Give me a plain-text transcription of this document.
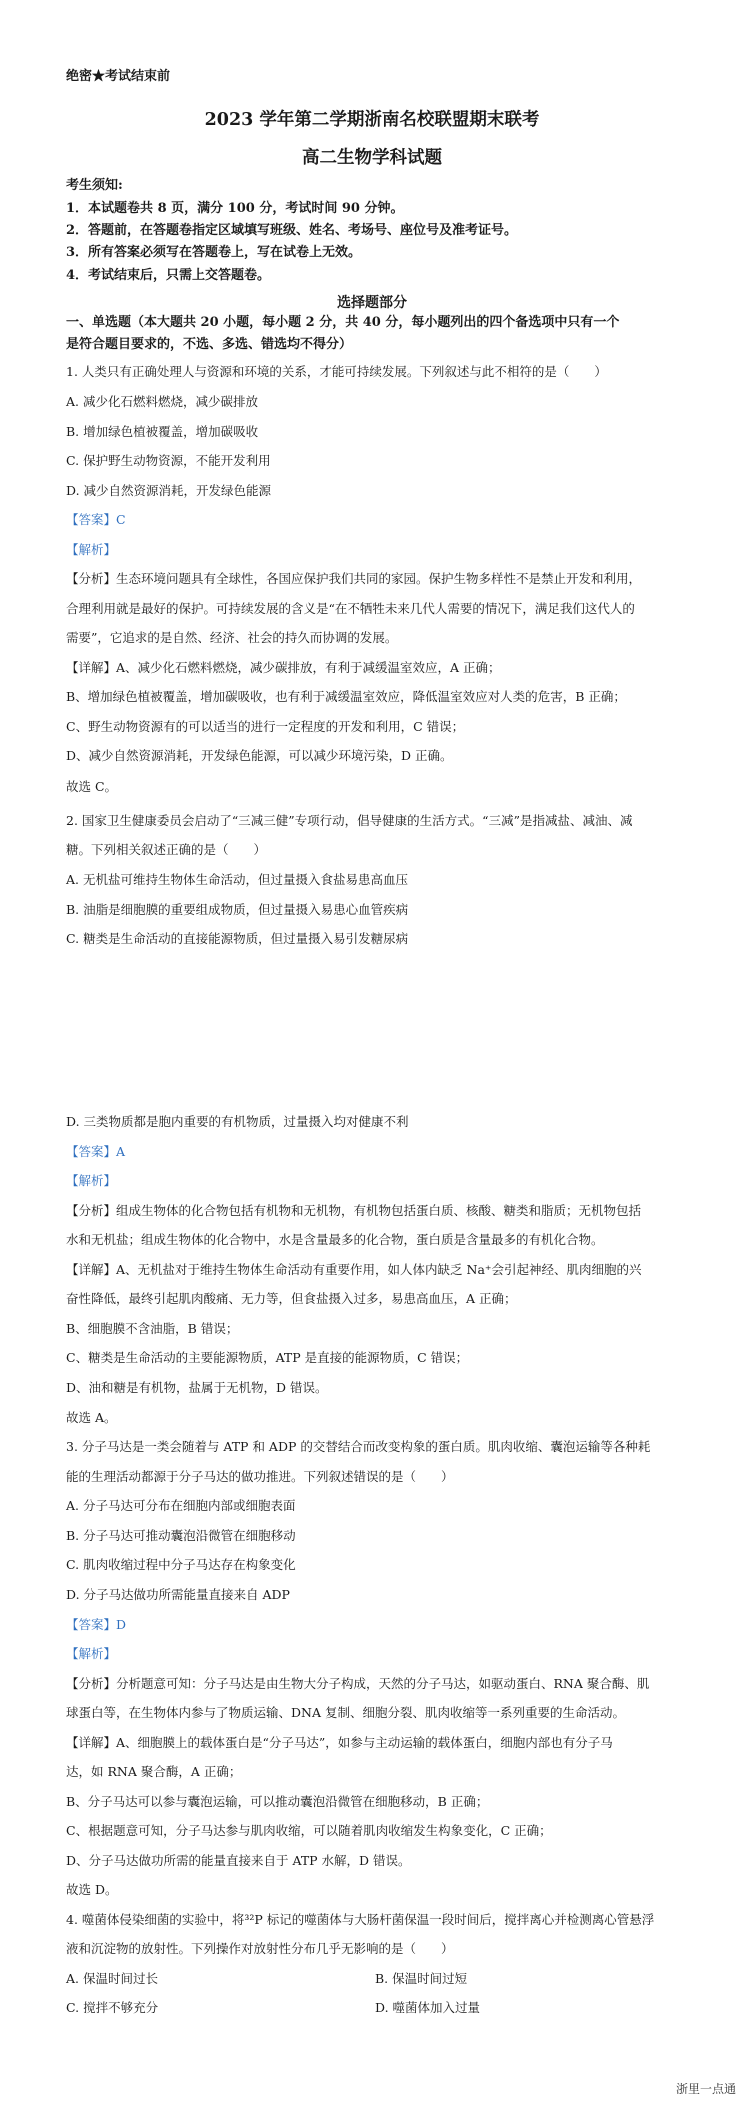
绝密★考试结束前
2023 学年第二学期浙南名校联盟期末联考
高二生物学科试题
考生须知:
1．本试题卷共 8 页，满分 100 分，考试时间 90 分钟。
2．答题前，在答题卷指定区域填写班级、姓名、考场号、座位号及准考证号。
3．所有答案必须写在答题卷上，写在试卷上无效。
4．考试结束后，只需上交答题卷。
选择题部分
一、单选题（本大题共 20 小题，每小题 2 分，共 40 分，每小题列出的四个备选项中只有一个
是符合题目要求的，不选、多选、错选均不得分）
1. 人类只有正确处理人与资源和环境的关系，才能可持续发展。下列叙述与此不相符的是（　　）
A. 减少化石燃料燃烧，减少碳排放
B. 增加绿色植被覆盖，增加碳吸收
C. 保护野生动物资源，不能开发利用
D. 减少自然资源消耗，开发绿色能源
【答案】C
【解析】
【分析】生态环境问题具有全球性，各国应保护我们共同的家园。保护生物多样性不是禁止开发和利用，
合理利用就是最好的保护。可持续发展的含义是“在不牺牲未来几代人需要的情况下，满足我们这代人的
需要”，它追求的是自然、经济、社会的持久而协调的发展。
【详解】A、减少化石燃料燃烧，减少碳排放，有利于减缓温室效应，A 正确；
B、增加绿色植被覆盖，增加碳吸收，也有利于减缓温室效应，降低温室效应对人类的危害，B 正确；
C、野生动物资源有的可以适当的进行一定程度的开发和利用，C 错误；
D、减少自然资源消耗，开发绿色能源，可以减少环境污染，D 正确。
故选 C。
2. 国家卫生健康委员会启动了“三减三健”专项行动，倡导健康的生活方式。“三减”是指减盐、减油、减
糖。下列相关叙述正确的是（　　）
A. 无机盐可维持生物体生命活动，但过量摄入食盐易患高血压
B. 油脂是细胞膜的重要组成物质，但过量摄入易患心血管疾病
C. 糖类是生命活动的直接能源物质，但过量摄入易引发糖尿病
D. 三类物质都是胞内重要的有机物质，过量摄入均对健康不利
【答案】A
【解析】
【分析】组成生物体的化合物包括有机物和无机物，有机物包括蛋白质、核酸、糖类和脂质；无机物包括
水和无机盐；组成生物体的化合物中，水是含量最多的化合物，蛋白质是含量最多的有机化合物。
【详解】A、无机盐对于维持生物体生命活动有重要作用，如人体内缺乏 Na⁺会引起神经、肌肉细胞的兴
奋性降低，最终引起肌肉酸痛、无力等，但食盐摄入过多，易患高血压，A 正确；
B、细胞膜不含油脂，B 错误；
C、糖类是生命活动的主要能源物质，ATP 是直接的能源物质，C 错误；
D、油和糖是有机物，盐属于无机物，D 错误。
故选 A。
3. 分子马达是一类会随着与 ATP 和 ADP 的交替结合而改变构象的蛋白质。肌肉收缩、囊泡运输等各种耗
能的生理活动都源于分子马达的做功推进。下列叙述错误的是（　　）
A. 分子马达可分布在细胞内部或细胞表面
B. 分子马达可推动囊泡沿微管在细胞移动
C. 肌肉收缩过程中分子马达存在构象变化
D. 分子马达做功所需能量直接来自 ADP
【答案】D
【解析】
【分析】分析题意可知：分子马达是由生物大分子构成，天然的分子马达，如驱动蛋白、RNA 聚合酶、肌
球蛋白等，在生物体内参与了物质运输、DNA 复制、细胞分裂、肌肉收缩等一系列重要的生命活动。
【详解】A、细胞膜上的载体蛋白是“分子马达”，如参与主动运输的载体蛋白，细胞内部也有分子马
达，如 RNA 聚合酶，A 正确；
B、分子马达可以参与囊泡运输，可以推动囊泡沿微管在细胞移动，B 正确；
C、根据题意可知，分子马达参与肌肉收缩，可以随着肌肉收缩发生构象变化，C 正确；
D、分子马达做功所需的能量直接来自于 ATP 水解，D 错误。
故选 D。
4. 噬菌体侵染细菌的实验中，将³²P 标记的噬菌体与大肠杆菌保温一段时间后，搅拌离心并检测离心管悬浮
液和沉淀物的放射性。下列操作对放射性分布几乎无影响的是（　　）
A. 保温时间过长	B. 保温时间过短
C. 搅拌不够充分	D. 噬菌体加入过量
浙里一点通
